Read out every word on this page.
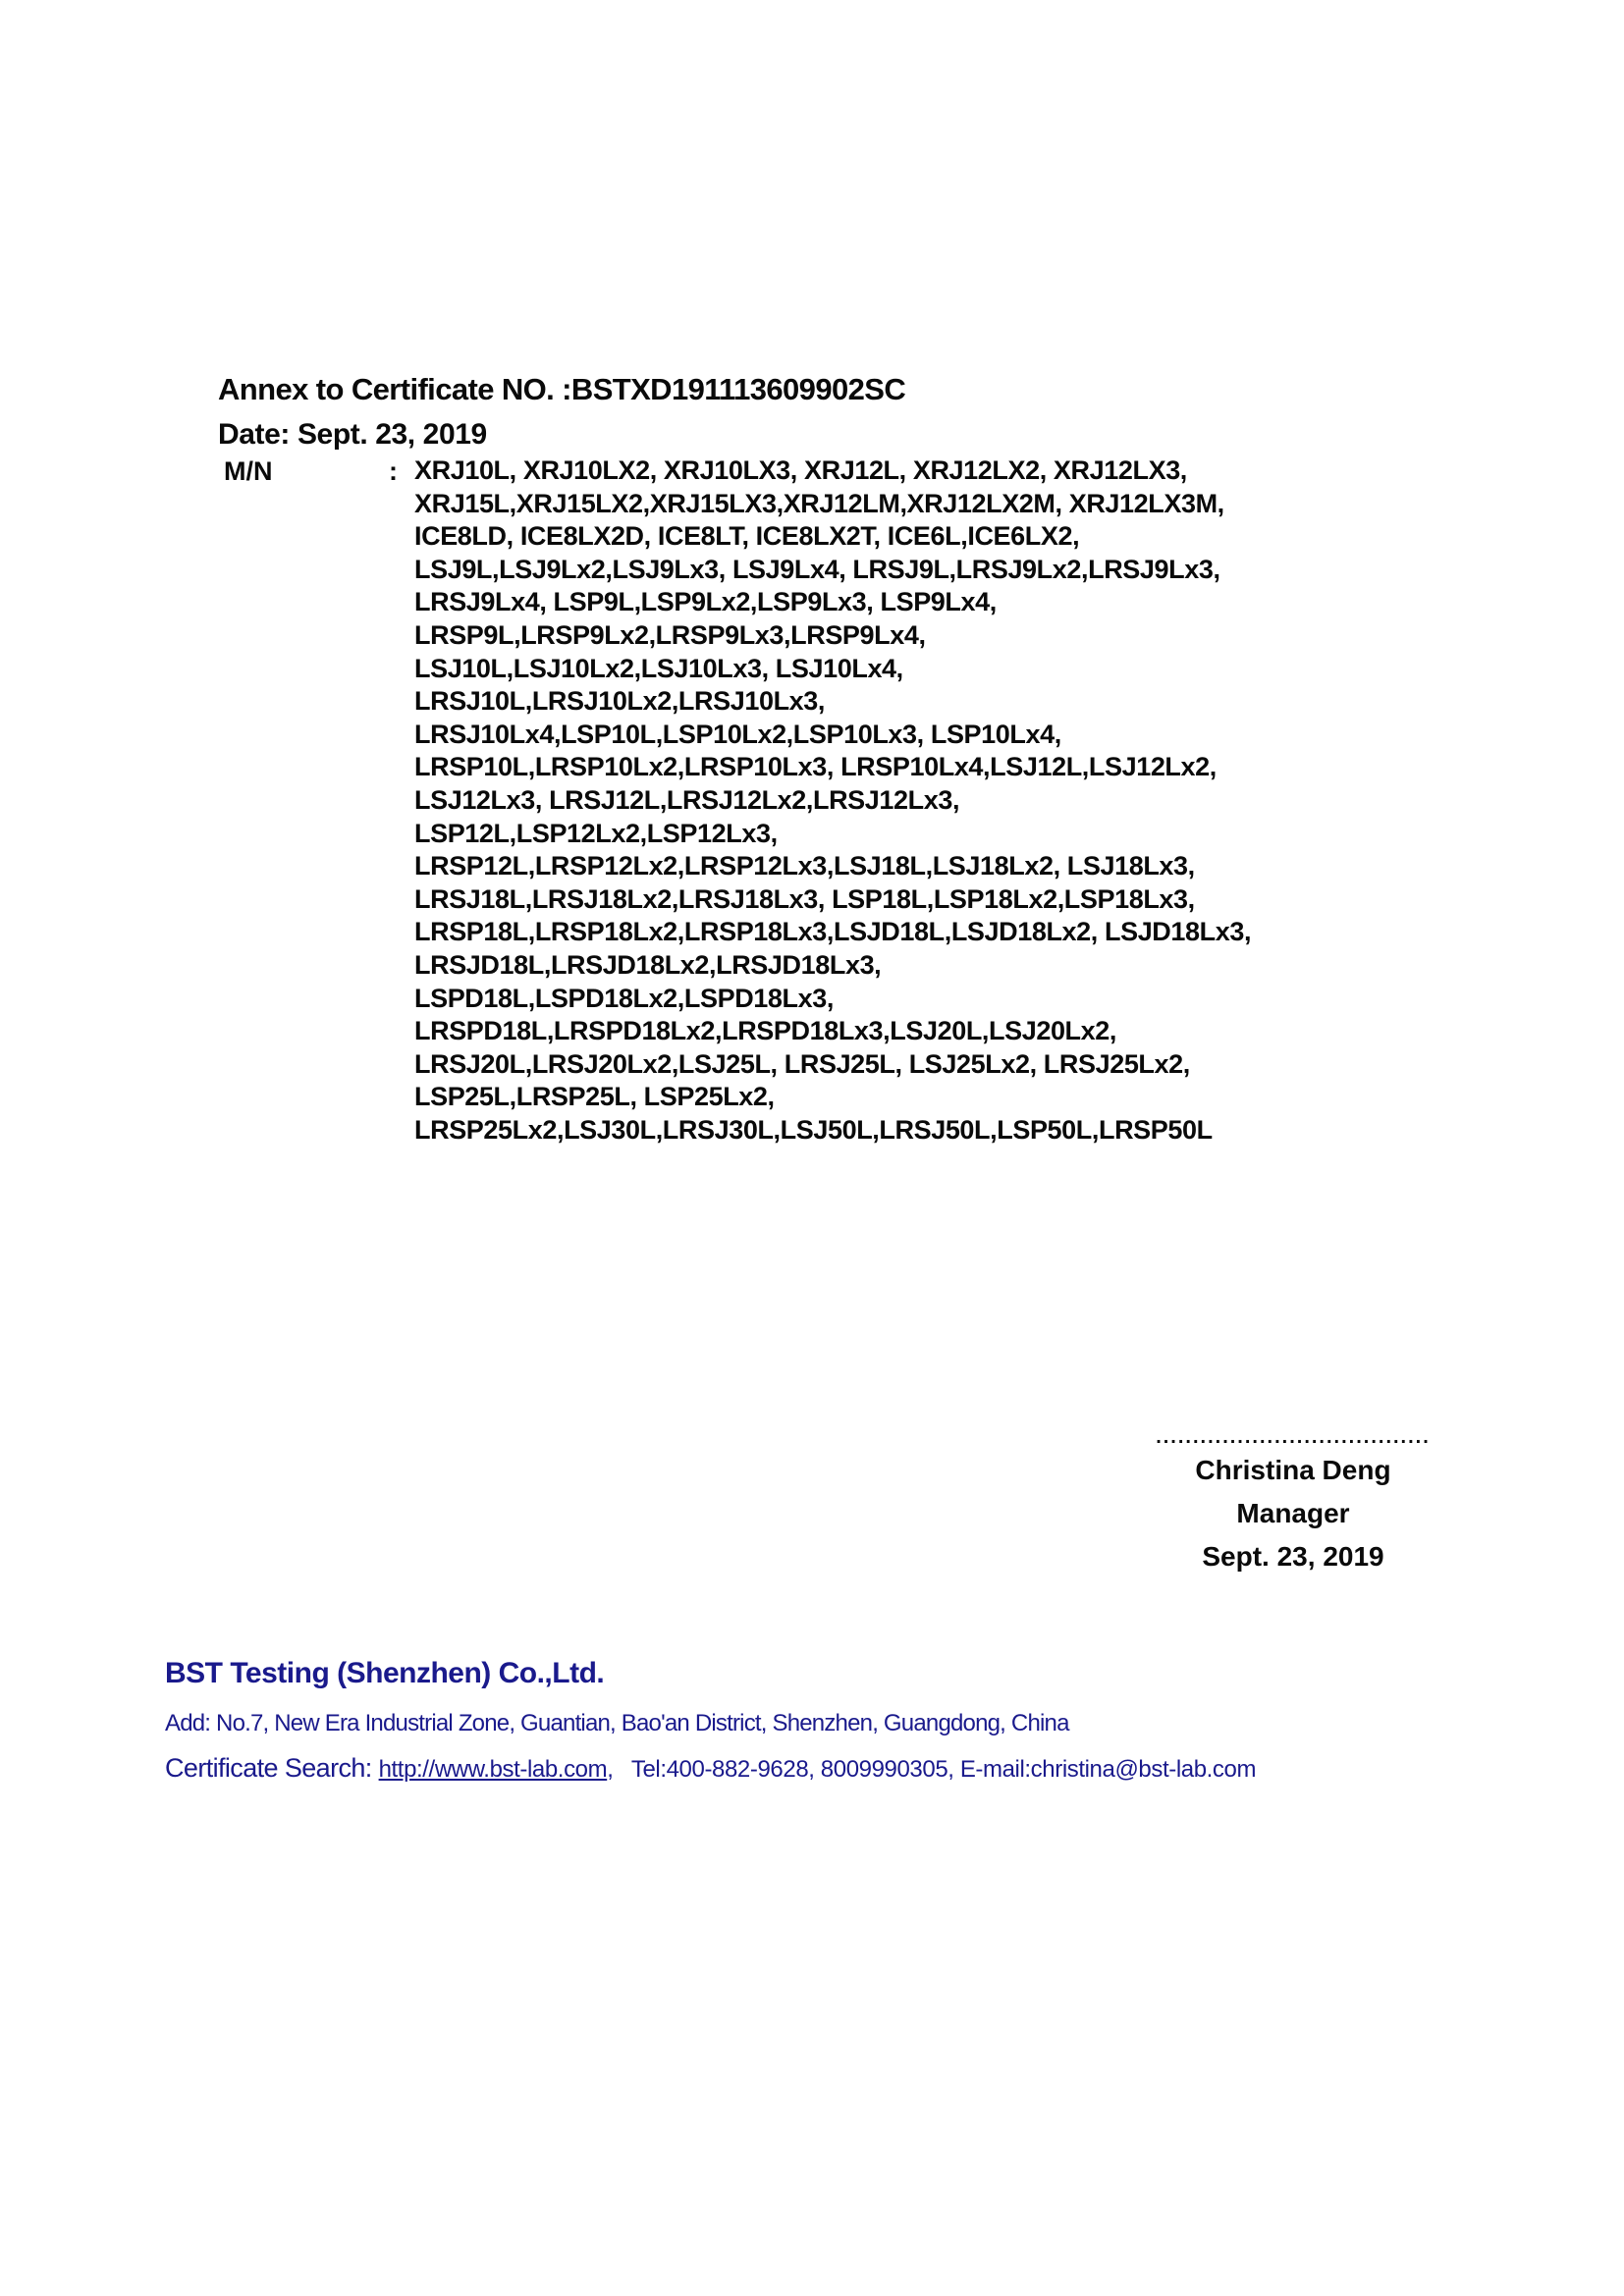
Annex to Certificate NO. :BSTXD191113609902SC
Date: Sept. 23, 2019
M/N	: XRJ10L, XRJ10LX2, XRJ10LX3, XRJ12L, XRJ12LX2, XRJ12LX3,
XRJ15L,XRJ15LX2,XRJ15LX3,XRJ12LM,XRJ12LX2M, XRJ12LX3M,
ICE8LD, ICE8LX2D, ICE8LT, ICE8LX2T, ICE6L,ICE6LX2,
LSJ9L,LSJ9Lx2,LSJ9Lx3, LSJ9Lx4, LRSJ9L,LRSJ9Lx2,LRSJ9Lx3,
LRSJ9Lx4, LSP9L,LSP9Lx2,LSP9Lx3, LSP9Lx4,
LRSP9L,LRSP9Lx2,LRSP9Lx3,LRSP9Lx4,
LSJ10L,LSJ10Lx2,LSJ10Lx3, LSJ10Lx4,
LRSJ10L,LRSJ10Lx2,LRSJ10Lx3,
LRSJ10Lx4,LSP10L,LSP10Lx2,LSP10Lx3, LSP10Lx4,
LRSP10L,LRSP10Lx2,LRSP10Lx3, LRSP10Lx4,LSJ12L,LSJ12Lx2,
LSJ12Lx3, LRSJ12L,LRSJ12Lx2,LRSJ12Lx3,
LSP12L,LSP12Lx2,LSP12Lx3,
LRSP12L,LRSP12Lx2,LRSP12Lx3,LSJ18L,LSJ18Lx2, LSJ18Lx3,
LRSJ18L,LRSJ18Lx2,LRSJ18Lx3, LSP18L,LSP18Lx2,LSP18Lx3,
LRSP18L,LRSP18Lx2,LRSP18Lx3,LSJD18L,LSJD18Lx2, LSJD18Lx3,
LRSJD18L,LRSJD18Lx2,LRSJD18Lx3,
LSPD18L,LSPD18Lx2,LSPD18Lx3,
LRSPD18L,LRSPD18Lx2,LRSPD18Lx3,LSJ20L,LSJ20Lx2,
LRSJ20L,LRSJ20Lx2,LSJ25L, LRSJ25L, LSJ25Lx2, LRSJ25Lx2,
LSP25L,LRSP25L, LSP25Lx2,
LRSP25Lx2,LSJ30L,LRSJ30L,LSJ50L,LRSJ50L,LSP50L,LRSP50L
.....................................
Christina Deng
Manager
Sept. 23, 2019
BST Testing (Shenzhen) Co.,Ltd.
Add: No.7, New Era Industrial Zone, Guantian, Bao'an District, Shenzhen, Guangdong, China
Certificate Search: http://www.bst-lab.com,   Tel:400-882-9628, 8009990305, E-mail:christina@bst-lab.com
